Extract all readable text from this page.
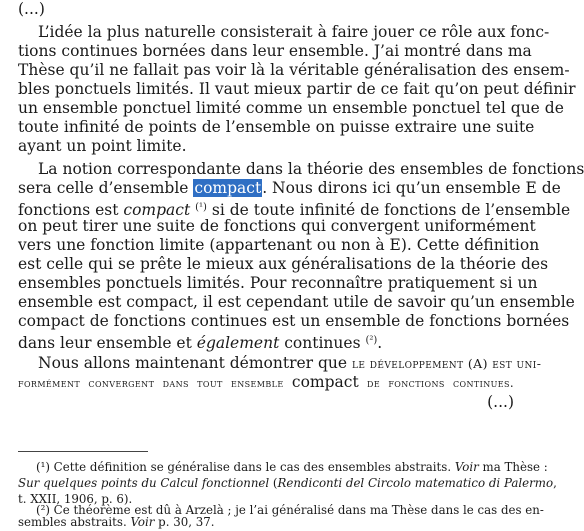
(...)
L’idée la plus naturelle consisterait à faire jouer ce rôle aux fonc-
tions continues bornées dans leur ensemble. J’ai montré dans ma
Thèse qu’il ne fallait pas voir là la véritable généralisation des ensem-
bles ponctuels limités. Il vaut mieux partir de ce fait qu’on peut définir
un ensemble ponctuel limité comme un ensemble ponctuel tel que de
toute infinité de points de l’ensemble on puisse extraire une suite
ayant un point limite.
La notion correspondante dans la théorie des ensembles de fonctions
sera celle d’ensemble compact. Nous dirons ici qu’un ensemble E de
fonctions est compact $^{(^1)}$ si de toute infinité de fonctions de l’ensemble
on peut tirer une suite de fonctions qui convergent uniformément
vers une fonction limite (appartenant ou non à E). Cette définition
est celle qui se prête le mieux aux généralisations de la théorie des
ensembles ponctuels limités. Pour reconnaître pratiquement si un
ensemble est compact, il est cependant utile de savoir qu’un ensemble
compact de fonctions continues est un ensemble de fonctions bornées
dans leur ensemble et également continues $^{(^2)}$.
Nous allons maintenant démontrer que le développement (A) est uni-
formément convergent dans tout ensemble compact de fonctions continues.
(...)
(¹) Cette définition se généralise dans le cas des ensembles abstraits. Voir ma Thèse :
Sur quelques points du Calcul fonctionnel (Rendiconti del Circolo matematico di Palermo,
t. XXII, 1906, p. 6).
(²) Ce théorème est dû à Arzelà ; je l’ai généralisé dans ma Thèse dans le cas des en-
sembles abstraits. Voir p. 30, 37.
